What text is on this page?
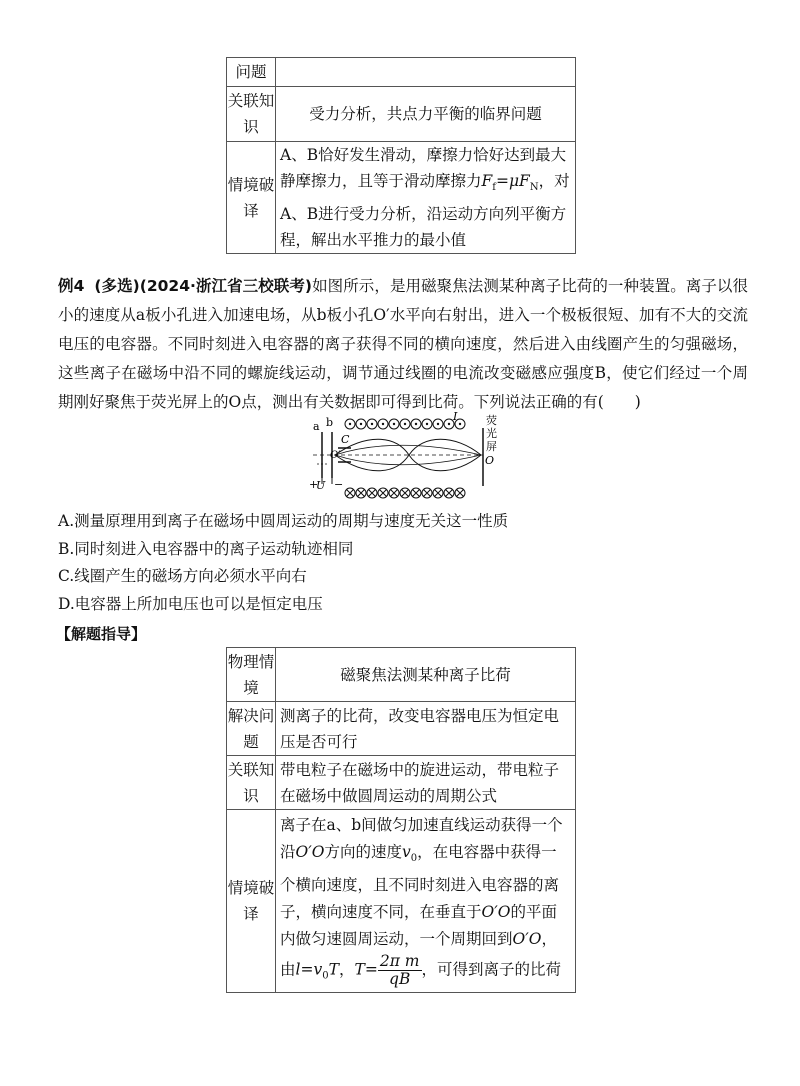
问题	
关联知识	受力分析，共点力平衡的临界问题
情境破译	A、B恰好发生滑动，摩擦力恰好达到最大静摩擦力，且等于滑动摩擦力$F_f=\mu F_N$，对A、B进行受力分析，沿运动方向列平衡方程，解出水平推力的最小值
例4 (多选)(2024·浙江省三校联考)如图所示，是用磁聚焦法测某种离子比荷的一种装置。离子以很小的速度从a板小孔进入加速电场，从b板小孔O′水平向右射出，进入一个极板很短、加有不大的交流电压的电容器。不同时刻进入电容器的离子获得不同的横向速度，然后进入由线圈产生的匀强磁场，这些离子在磁场中沿不同的螺旋线运动，调节通过线圈的电流改变磁感应强度B，使它们经过一个周期刚好聚焦于荧光屏上的O点，测出有关数据即可得到比荷。下列说法正确的有(　　)
a b
C
O′
I	荧
光
屏
O
+
U −
A.测量原理用到离子在磁场中圆周运动的周期与速度无关这一性质
B.同时刻进入电容器中的离子运动轨迹相同
C.线圈产生的磁场方向必须水平向右
D.电容器上所加电压也可以是恒定电压
【解题指导】
物理情境	磁聚焦法测某种离子比荷
解决问题	测离子的比荷，改变电容器电压为恒定电压是否可行
关联知识	带电粒子在磁场中的旋进运动，带电粒子在磁场中做圆周运动的周期公式
情境破译	离子在a、b间做匀加速直线运动获得一个沿O′O方向的速度$v_0$，在电容器中获得一个横向速度，且不同时刻进入电容器的离子，横向速度不同，在垂直于O′O的平面内做匀速圆周运动，一个周期回到O′O，由$l=v_0T$，$T= \frac{\text{2π m}}{qB}$ ，可得到离子的比荷
